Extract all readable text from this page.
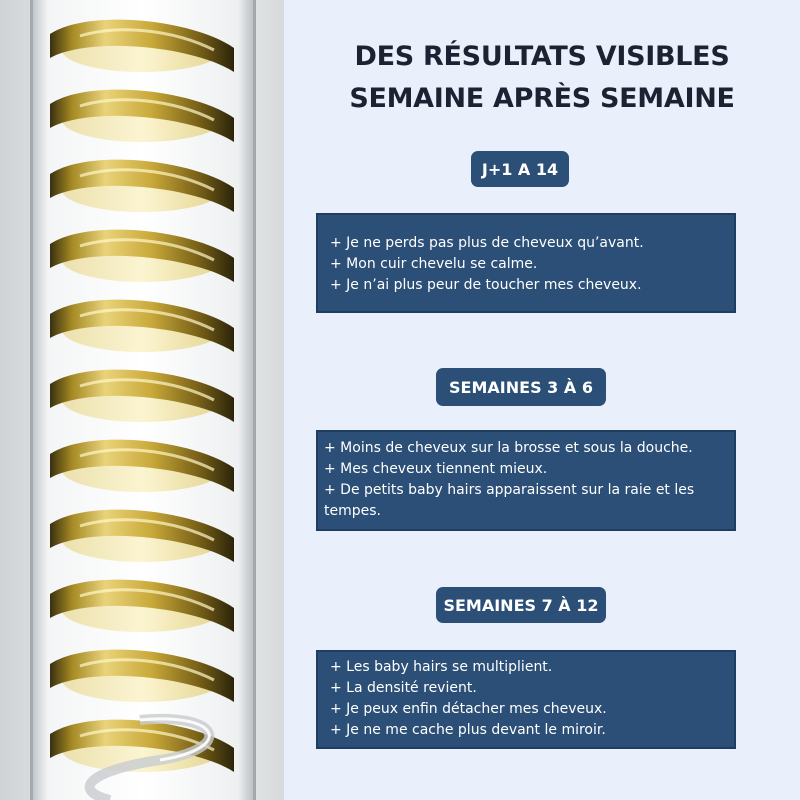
DES RÉSULTATS VISIBLES
SEMAINE APRÈS SEMAINE
J+1 A 14
+ Je ne perds pas plus de cheveux qu’avant.
+ Mon cuir chevelu se calme.
+ Je n’ai plus peur de toucher mes cheveux.
SEMAINES 3 À 6
+ Moins de cheveux sur la brosse et sous la douche.
+ Mes cheveux tiennent mieux.
+ De petits baby hairs apparaissent sur la raie et les tempes.
SEMAINES 7 À 12
+ Les baby hairs se multiplient.
+ La densité revient.
+ Je peux enfin détacher mes cheveux.
+ Je ne me cache plus devant le miroir.
